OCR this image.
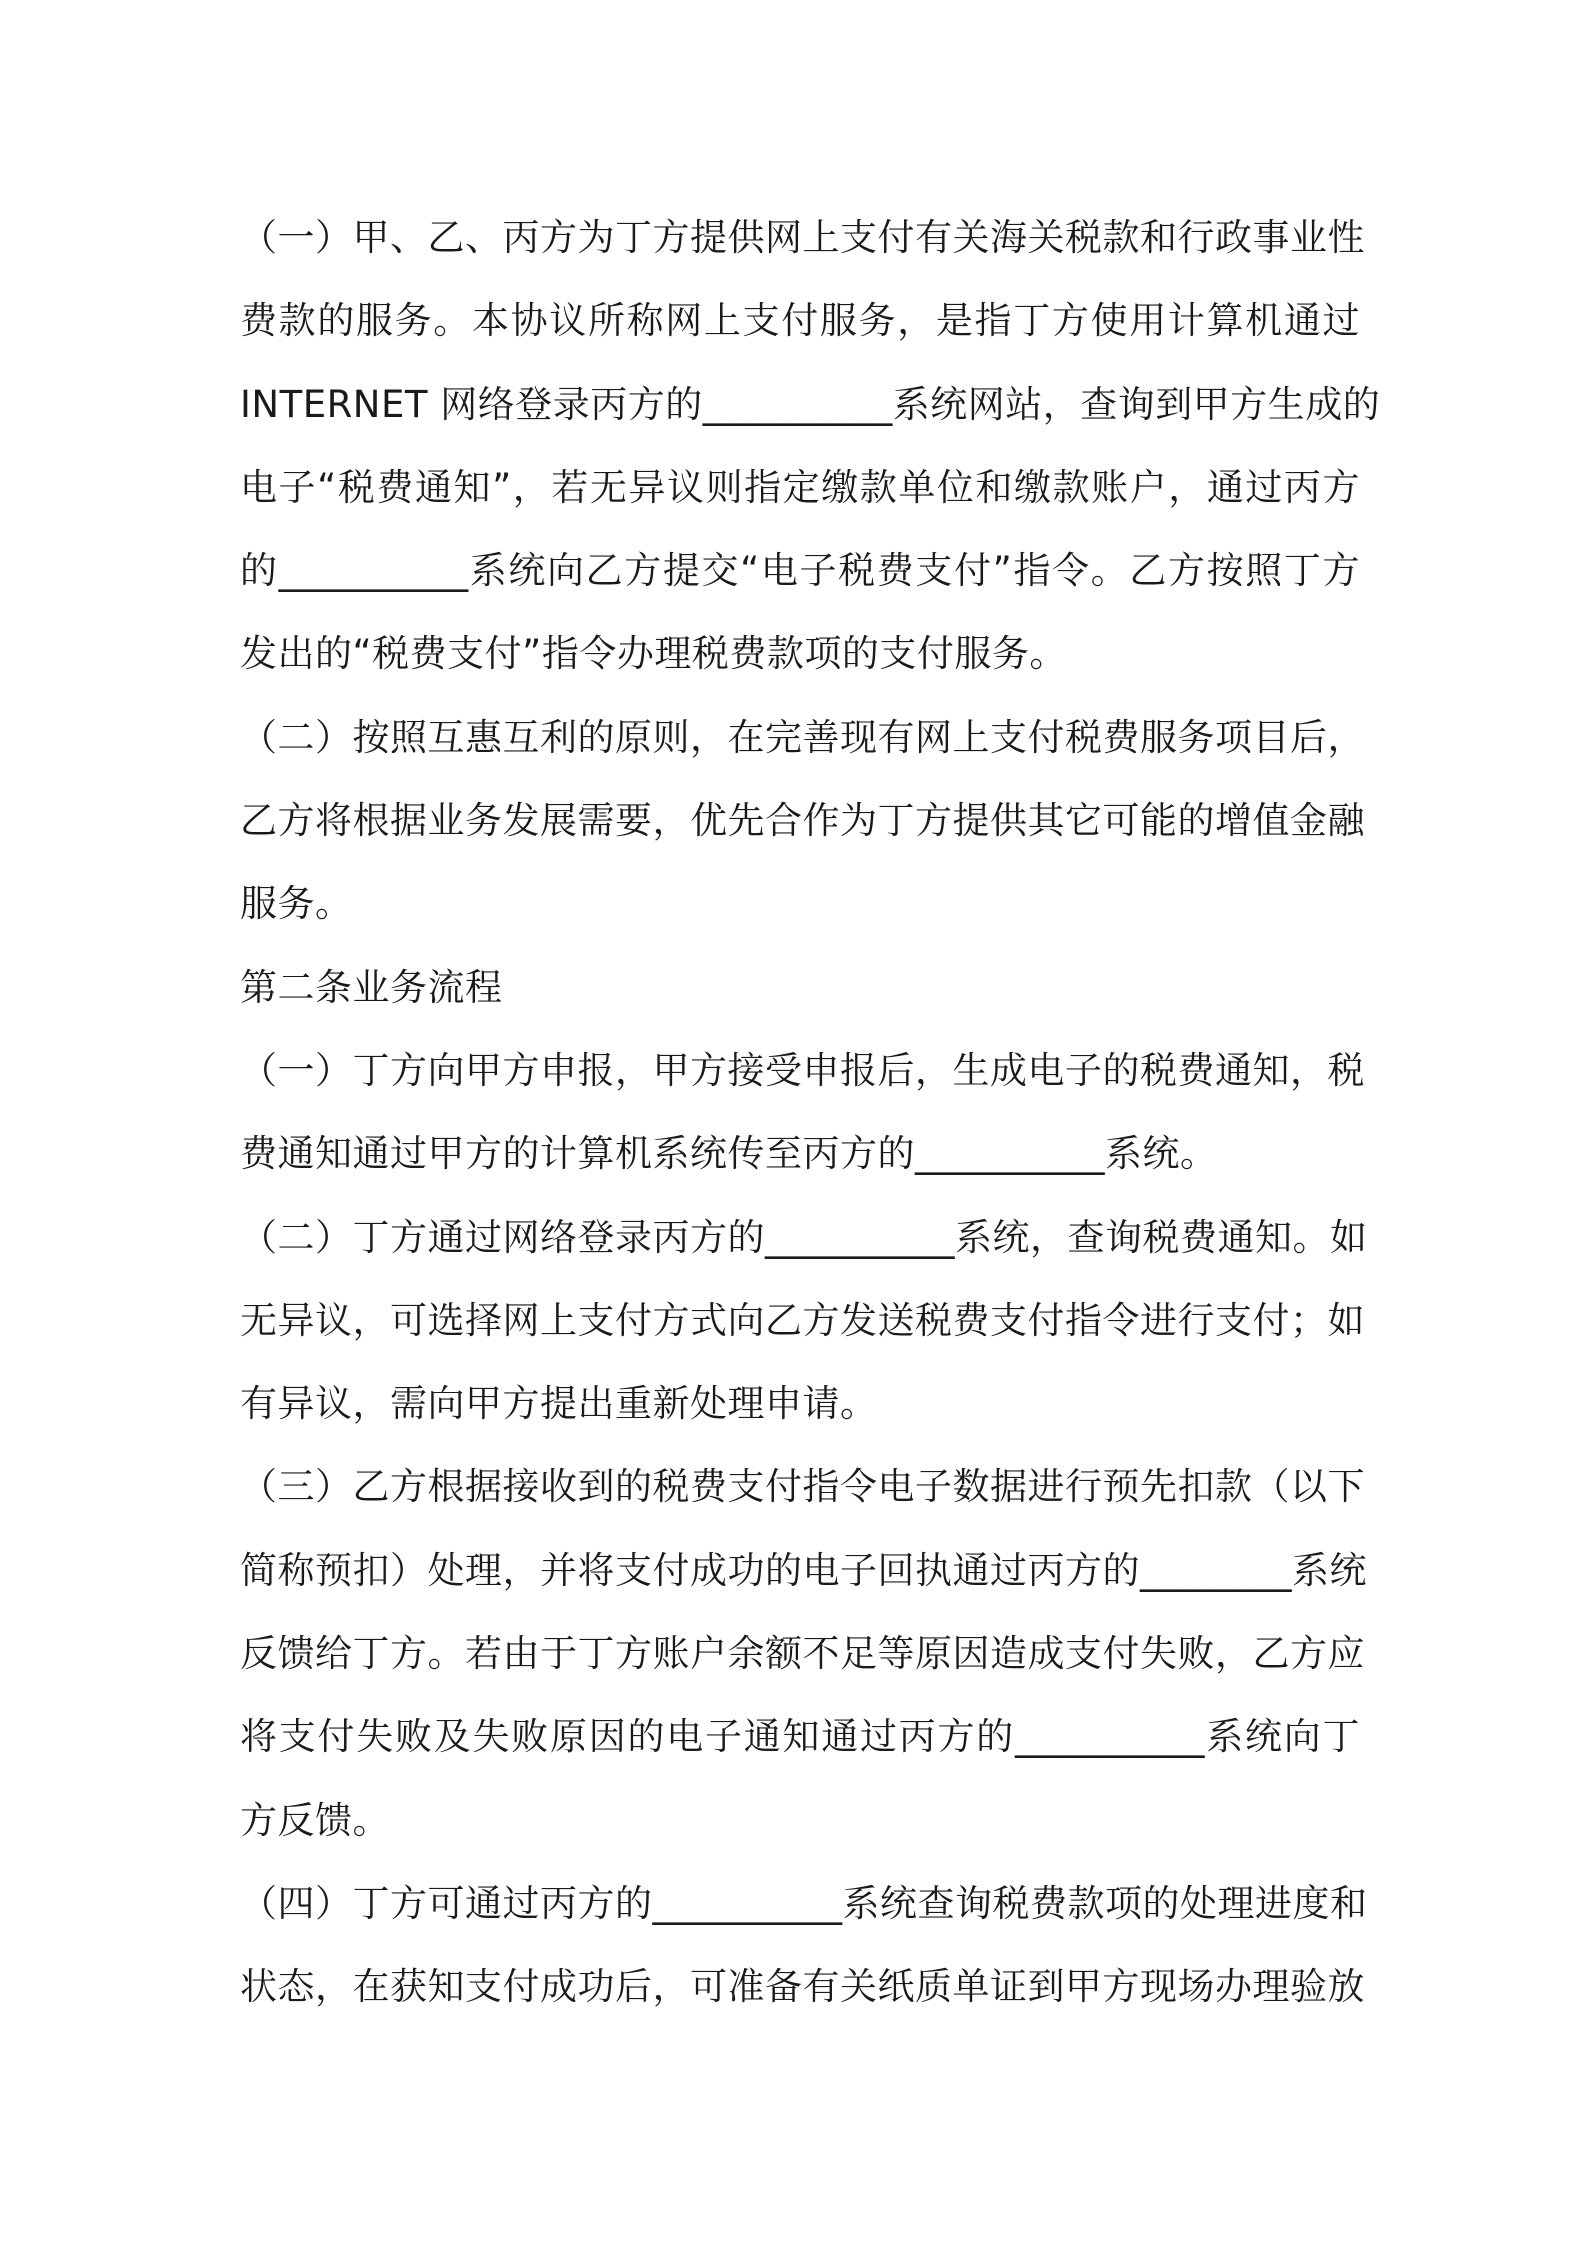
（一）甲、乙、丙方为丁方提供网上支付有关海关税款和行政事业性
费款的服务。本协议所称网上支付服务，是指丁方使用计算机通过
INTERNET 网络登录丙方的__________系统网站，查询到甲方生成的
电子“税费通知”，若无异议则指定缴款单位和缴款账户，通过丙方
的__________系统向乙方提交“电子税费支付”指令。乙方按照丁方
发出的“税费支付”指令办理税费款项的支付服务。
（二）按照互惠互利的原则，在完善现有网上支付税费服务项目后，
乙方将根据业务发展需要，优先合作为丁方提供其它可能的增值金融
服务。
第二条业务流程
（一）丁方向甲方申报，甲方接受申报后，生成电子的税费通知，税
费通知通过甲方的计算机系统传至丙方的__________系统。
（二）丁方通过网络登录丙方的__________系统，查询税费通知。如
无异议，可选择网上支付方式向乙方发送税费支付指令进行支付；如
有异议，需向甲方提出重新处理申请。
（三）乙方根据接收到的税费支付指令电子数据进行预先扣款（以下
简称预扣）处理，并将支付成功的电子回执通过丙方的________系统
反馈给丁方。若由于丁方账户余额不足等原因造成支付失败，乙方应
将支付失败及失败原因的电子通知通过丙方的__________系统向丁
方反馈。
（四）丁方可通过丙方的__________系统查询税费款项的处理进度和
状态，在获知支付成功后，可准备有关纸质单证到甲方现场办理验放
